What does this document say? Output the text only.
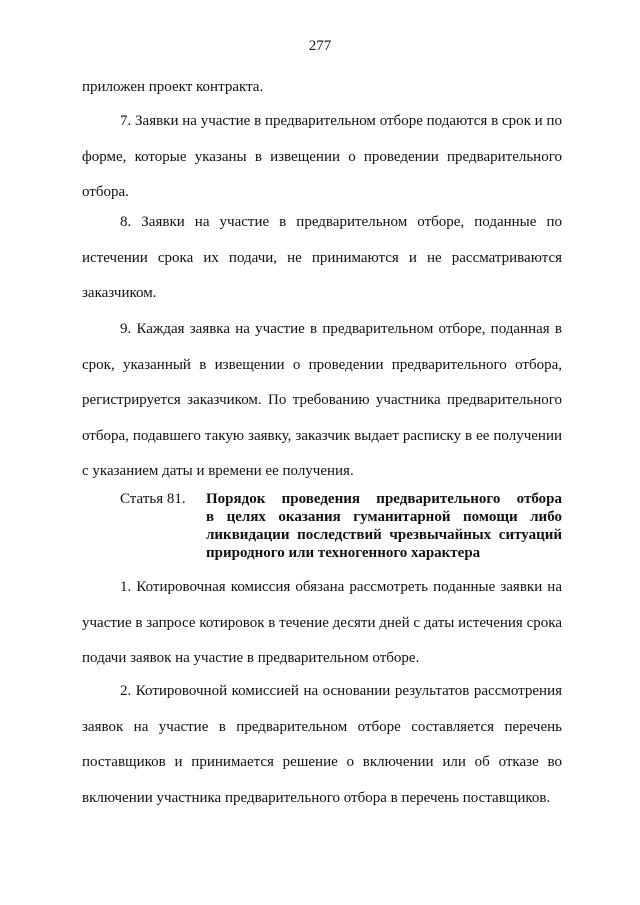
277
приложен проект контракта.
7. Заявки на участие в предварительном отборе подаются в срок и по
форме, которые указаны в извещении о проведении предварительного
отбора.
8. Заявки на участие в предварительном отборе, поданные по
истечении срока их подачи, не принимаются и не рассматриваются
заказчиком.
9. Каждая заявка на участие в предварительном отборе, поданная в
срок, указанный в извещении о проведении предварительного отбора,
регистрируется заказчиком. По требованию участника предварительного
отбора, подавшего такую заявку, заказчик выдает расписку в ее получении
с указанием даты и времени ее получения.
Статья 81. Порядок проведения предварительного отбора
в целях оказания гуманитарной помощи либо
ликвидации последствий чрезвычайных ситуаций
природного или техногенного характера
1. Котировочная комиссия обязана рассмотреть поданные заявки на
участие в запросе котировок в течение десяти дней с даты истечения срока
подачи заявок на участие в предварительном отборе.
2. Котировочной комиссией на основании результатов рассмотрения
заявок на участие в предварительном отборе составляется перечень
поставщиков и принимается решение о включении или об отказе во
включении участника предварительного отбора в перечень поставщиков.
